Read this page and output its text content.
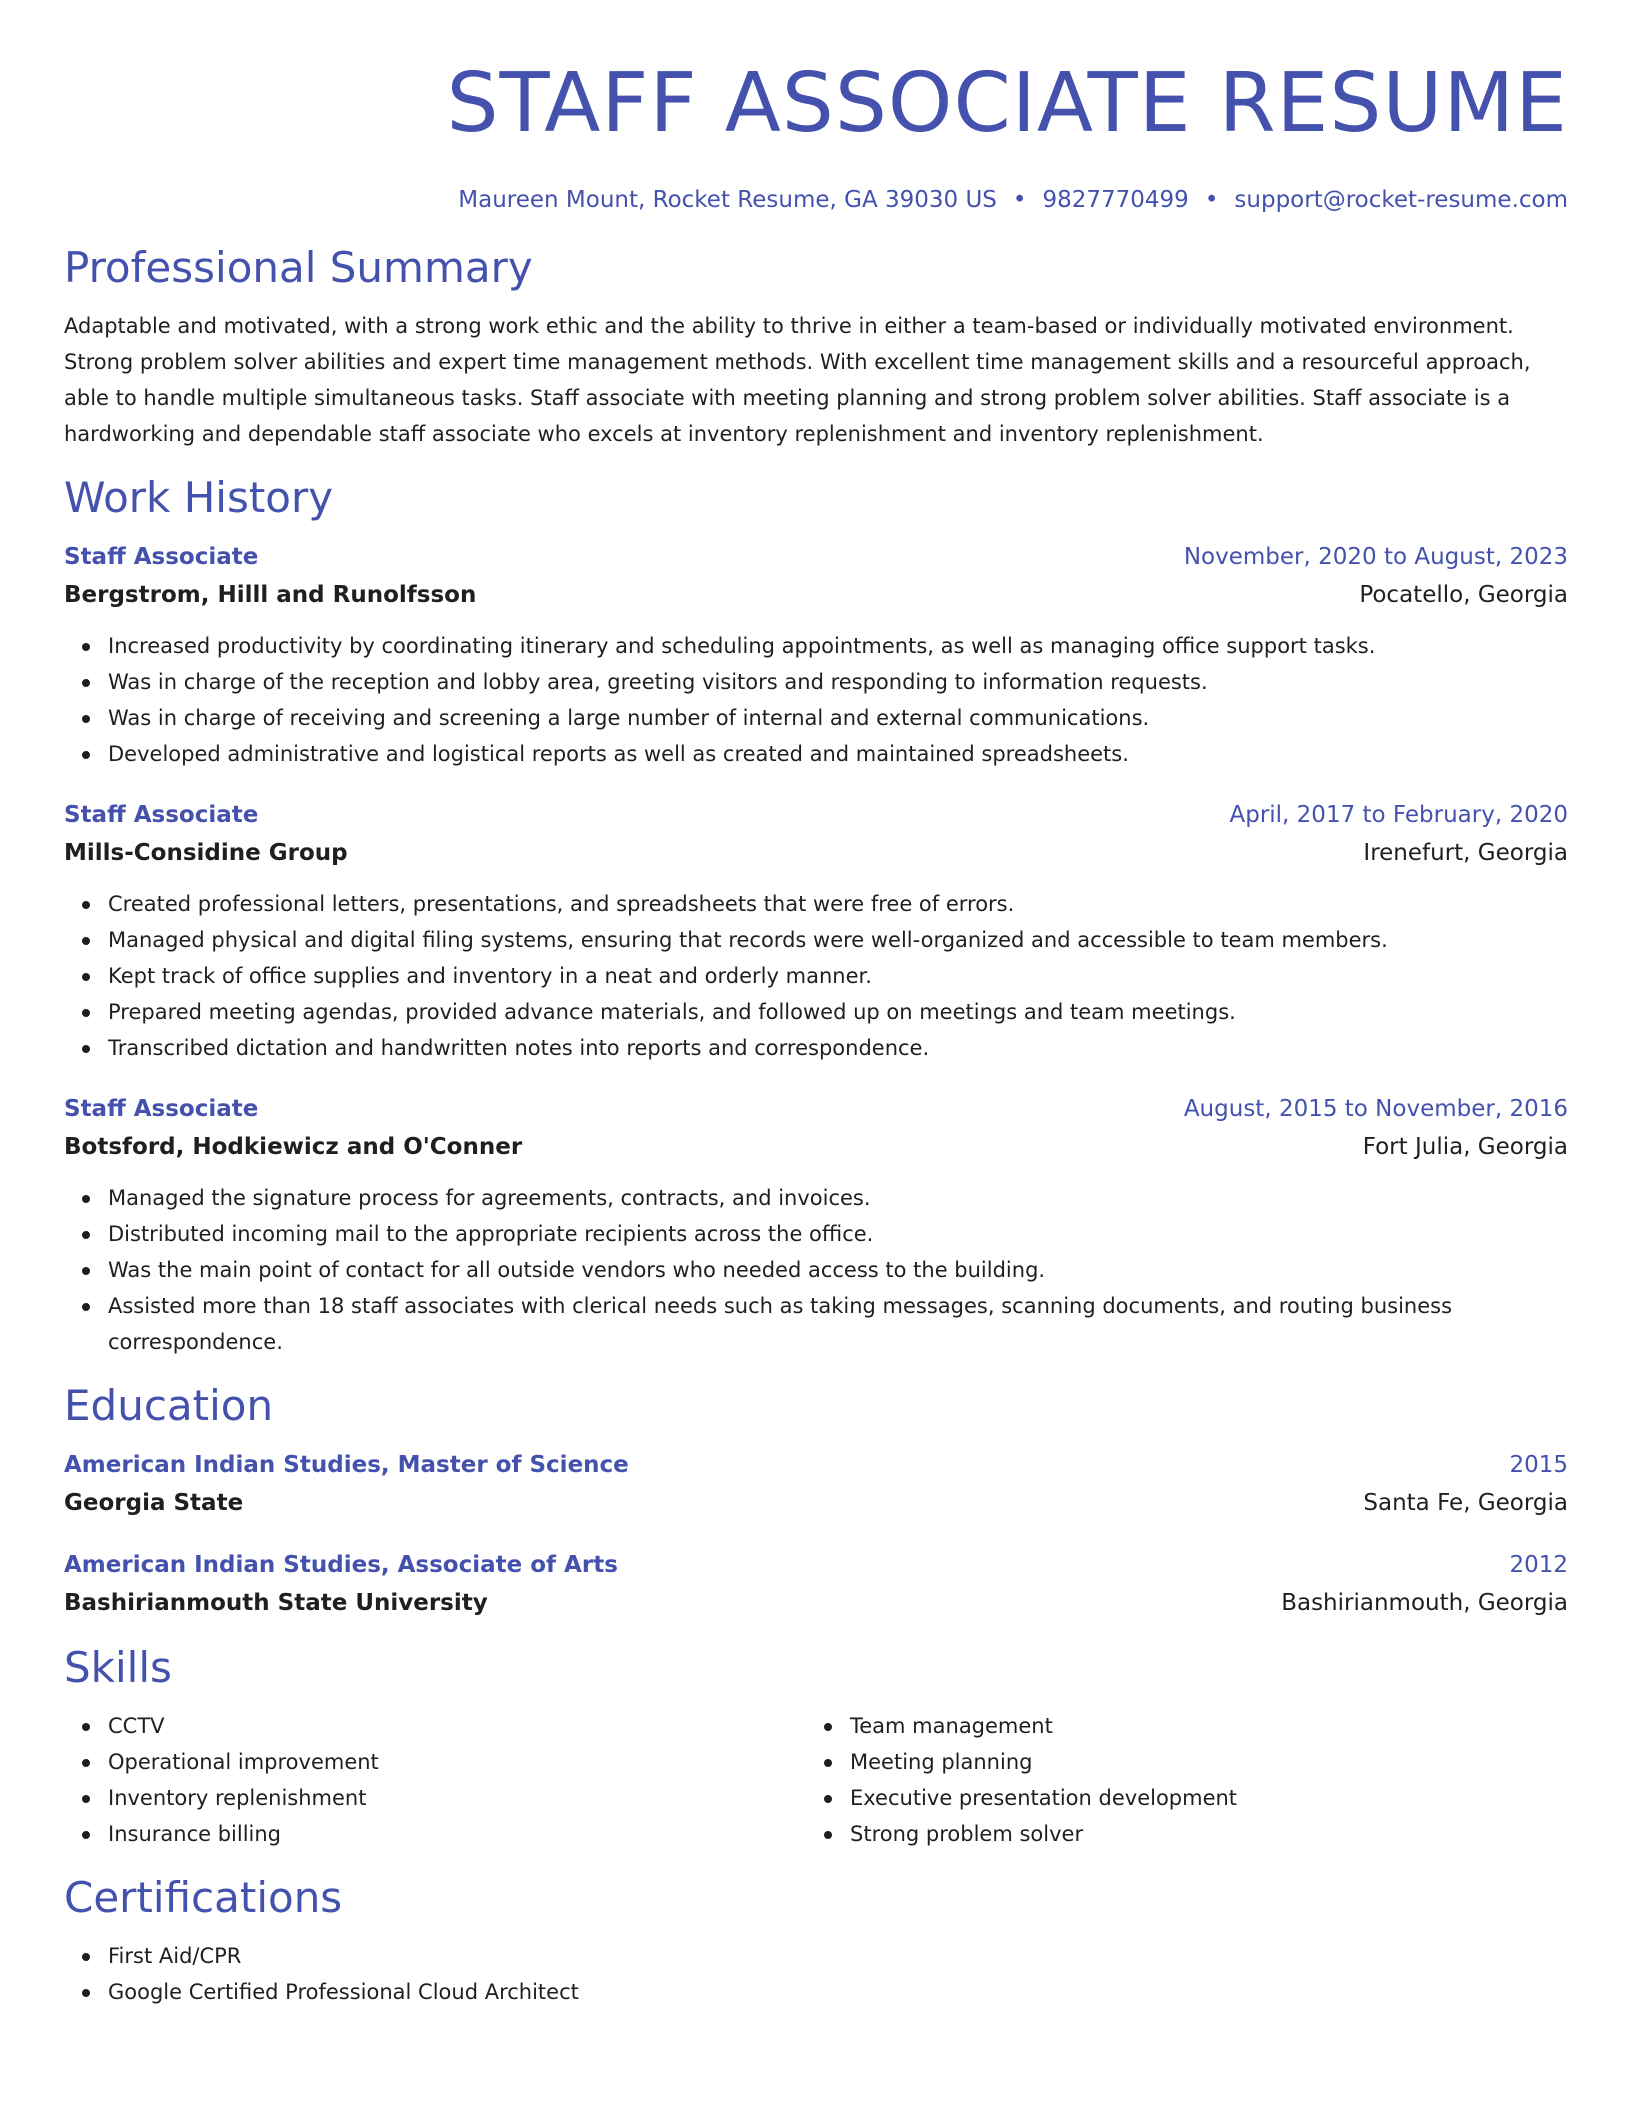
STAFF ASSOCIATE RESUME
Maureen Mount, Rocket Resume, GA 39030 US • 9827770499 • support@rocket-resume.com
Professional Summary

Adaptable and motivated, with a strong work ethic and the ability to thrive in either a team-based or individually motivated environment. Strong problem solver abilities and expert time management methods. With excellent time management skills and a resourceful approach, able to handle multiple simultaneous tasks. Staff associate with meeting planning and strong problem solver abilities. Staff associate is a hardworking and dependable staff associate who excels at inventory replenishment and inventory replenishment.

Work History
Staff Associate	November, 2020 to August, 2023
Bergstrom, Hilll and Runolfsson	Pocatello, Georgia
Increased productivity by coordinating itinerary and scheduling appointments, as well as managing office support tasks.
Was in charge of the reception and lobby area, greeting visitors and responding to information requests.
Was in charge of receiving and screening a large number of internal and external communications.
Developed administrative and logistical reports as well as created and maintained spreadsheets.
Staff Associate	April, 2017 to February, 2020
Mills-Considine Group	Irenefurt, Georgia
Created professional letters, presentations, and spreadsheets that were free of errors.
Managed physical and digital filing systems, ensuring that records were well-organized and accessible to team members.
Kept track of office supplies and inventory in a neat and orderly manner.
Prepared meeting agendas, provided advance materials, and followed up on meetings and team meetings.
Transcribed dictation and handwritten notes into reports and correspondence.
Staff Associate	August, 2015 to November, 2016
Botsford, Hodkiewicz and O'Conner	Fort Julia, Georgia
Managed the signature process for agreements, contracts, and invoices.
Distributed incoming mail to the appropriate recipients across the office.
Was the main point of contact for all outside vendors who needed access to the building.
Assisted more than 18 staff associates with clerical needs such as taking messages, scanning documents, and routing business correspondence.
Education
American Indian Studies, Master of Science	2015
Georgia State	Santa Fe, Georgia
American Indian Studies, Associate of Arts	2012
Bashirianmouth State University	Bashirianmouth, Georgia
Skills
CCTV
Operational improvement
Inventory replenishment
Insurance billing
Team management
Meeting planning
Executive presentation development
Strong problem solver
Certifications
First Aid/CPR
Google Certified Professional Cloud Architect
